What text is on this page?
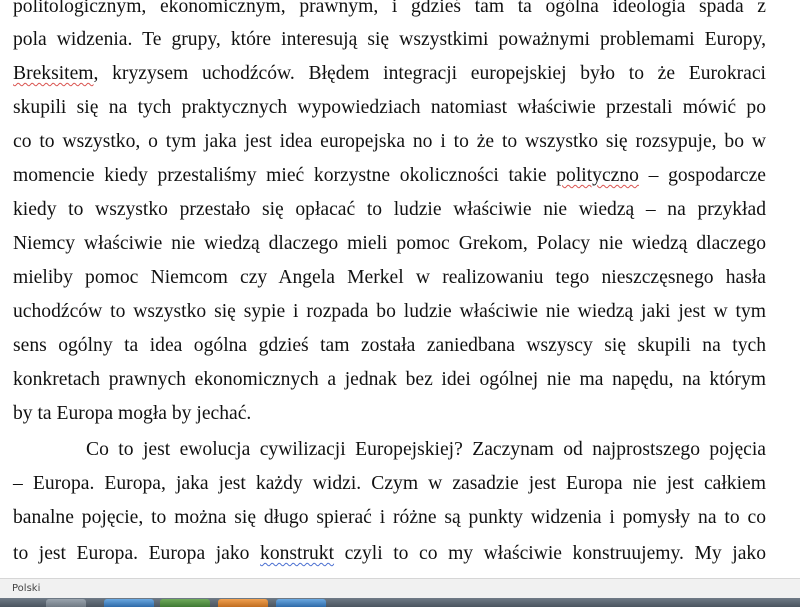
politologicznym, ekonomicznym, prawnym, i gdzieś tam ta ogólna ideologia spada z
pola widzenia. Te grupy, które interesują się wszystkimi poważnymi problemami Europy,
Breksitem, kryzysem uchodźców. Błędem integracji europejskiej było to że Eurokraci
skupili się na tych praktycznych wypowiedziach natomiast właściwie przestali mówić po
co to wszystko, o tym jaka jest idea europejska no i to że to wszystko się rozsypuje, bo w
momencie kiedy przestaliśmy mieć korzystne okoliczności takie polityczno – gospodarcze
kiedy to wszystko przestało się opłacać to ludzie właściwie nie wiedzą – na przykład
Niemcy właściwie nie wiedzą dlaczego mieli pomoc Grekom, Polacy nie wiedzą dlaczego
mieliby pomoc Niemcom czy Angela Merkel w realizowaniu tego nieszczęsnego hasła
uchodźców to wszystko się sypie i rozpada bo ludzie właściwie nie wiedzą jaki jest w tym
sens ogólny ta idea ogólna gdzieś tam została zaniedbana wszyscy się skupili na tych
konkretach prawnych ekonomicznych a jednak bez idei ogólnej nie ma napędu, na którym
by ta Europa mogła by jechać.
Co to jest ewolucja cywilizacji Europejskiej? Zaczynam od najprostszego pojęcia
– Europa. Europa, jaka jest każdy widzi. Czym w zasadzie jest Europa nie jest całkiem
banalne pojęcie, to można się długo spierać i różne są punkty widzenia i pomysły na to co
to jest Europa. Europa jako konstrukt czyli to co my właściwie konstruujemy. My jako
Polski
